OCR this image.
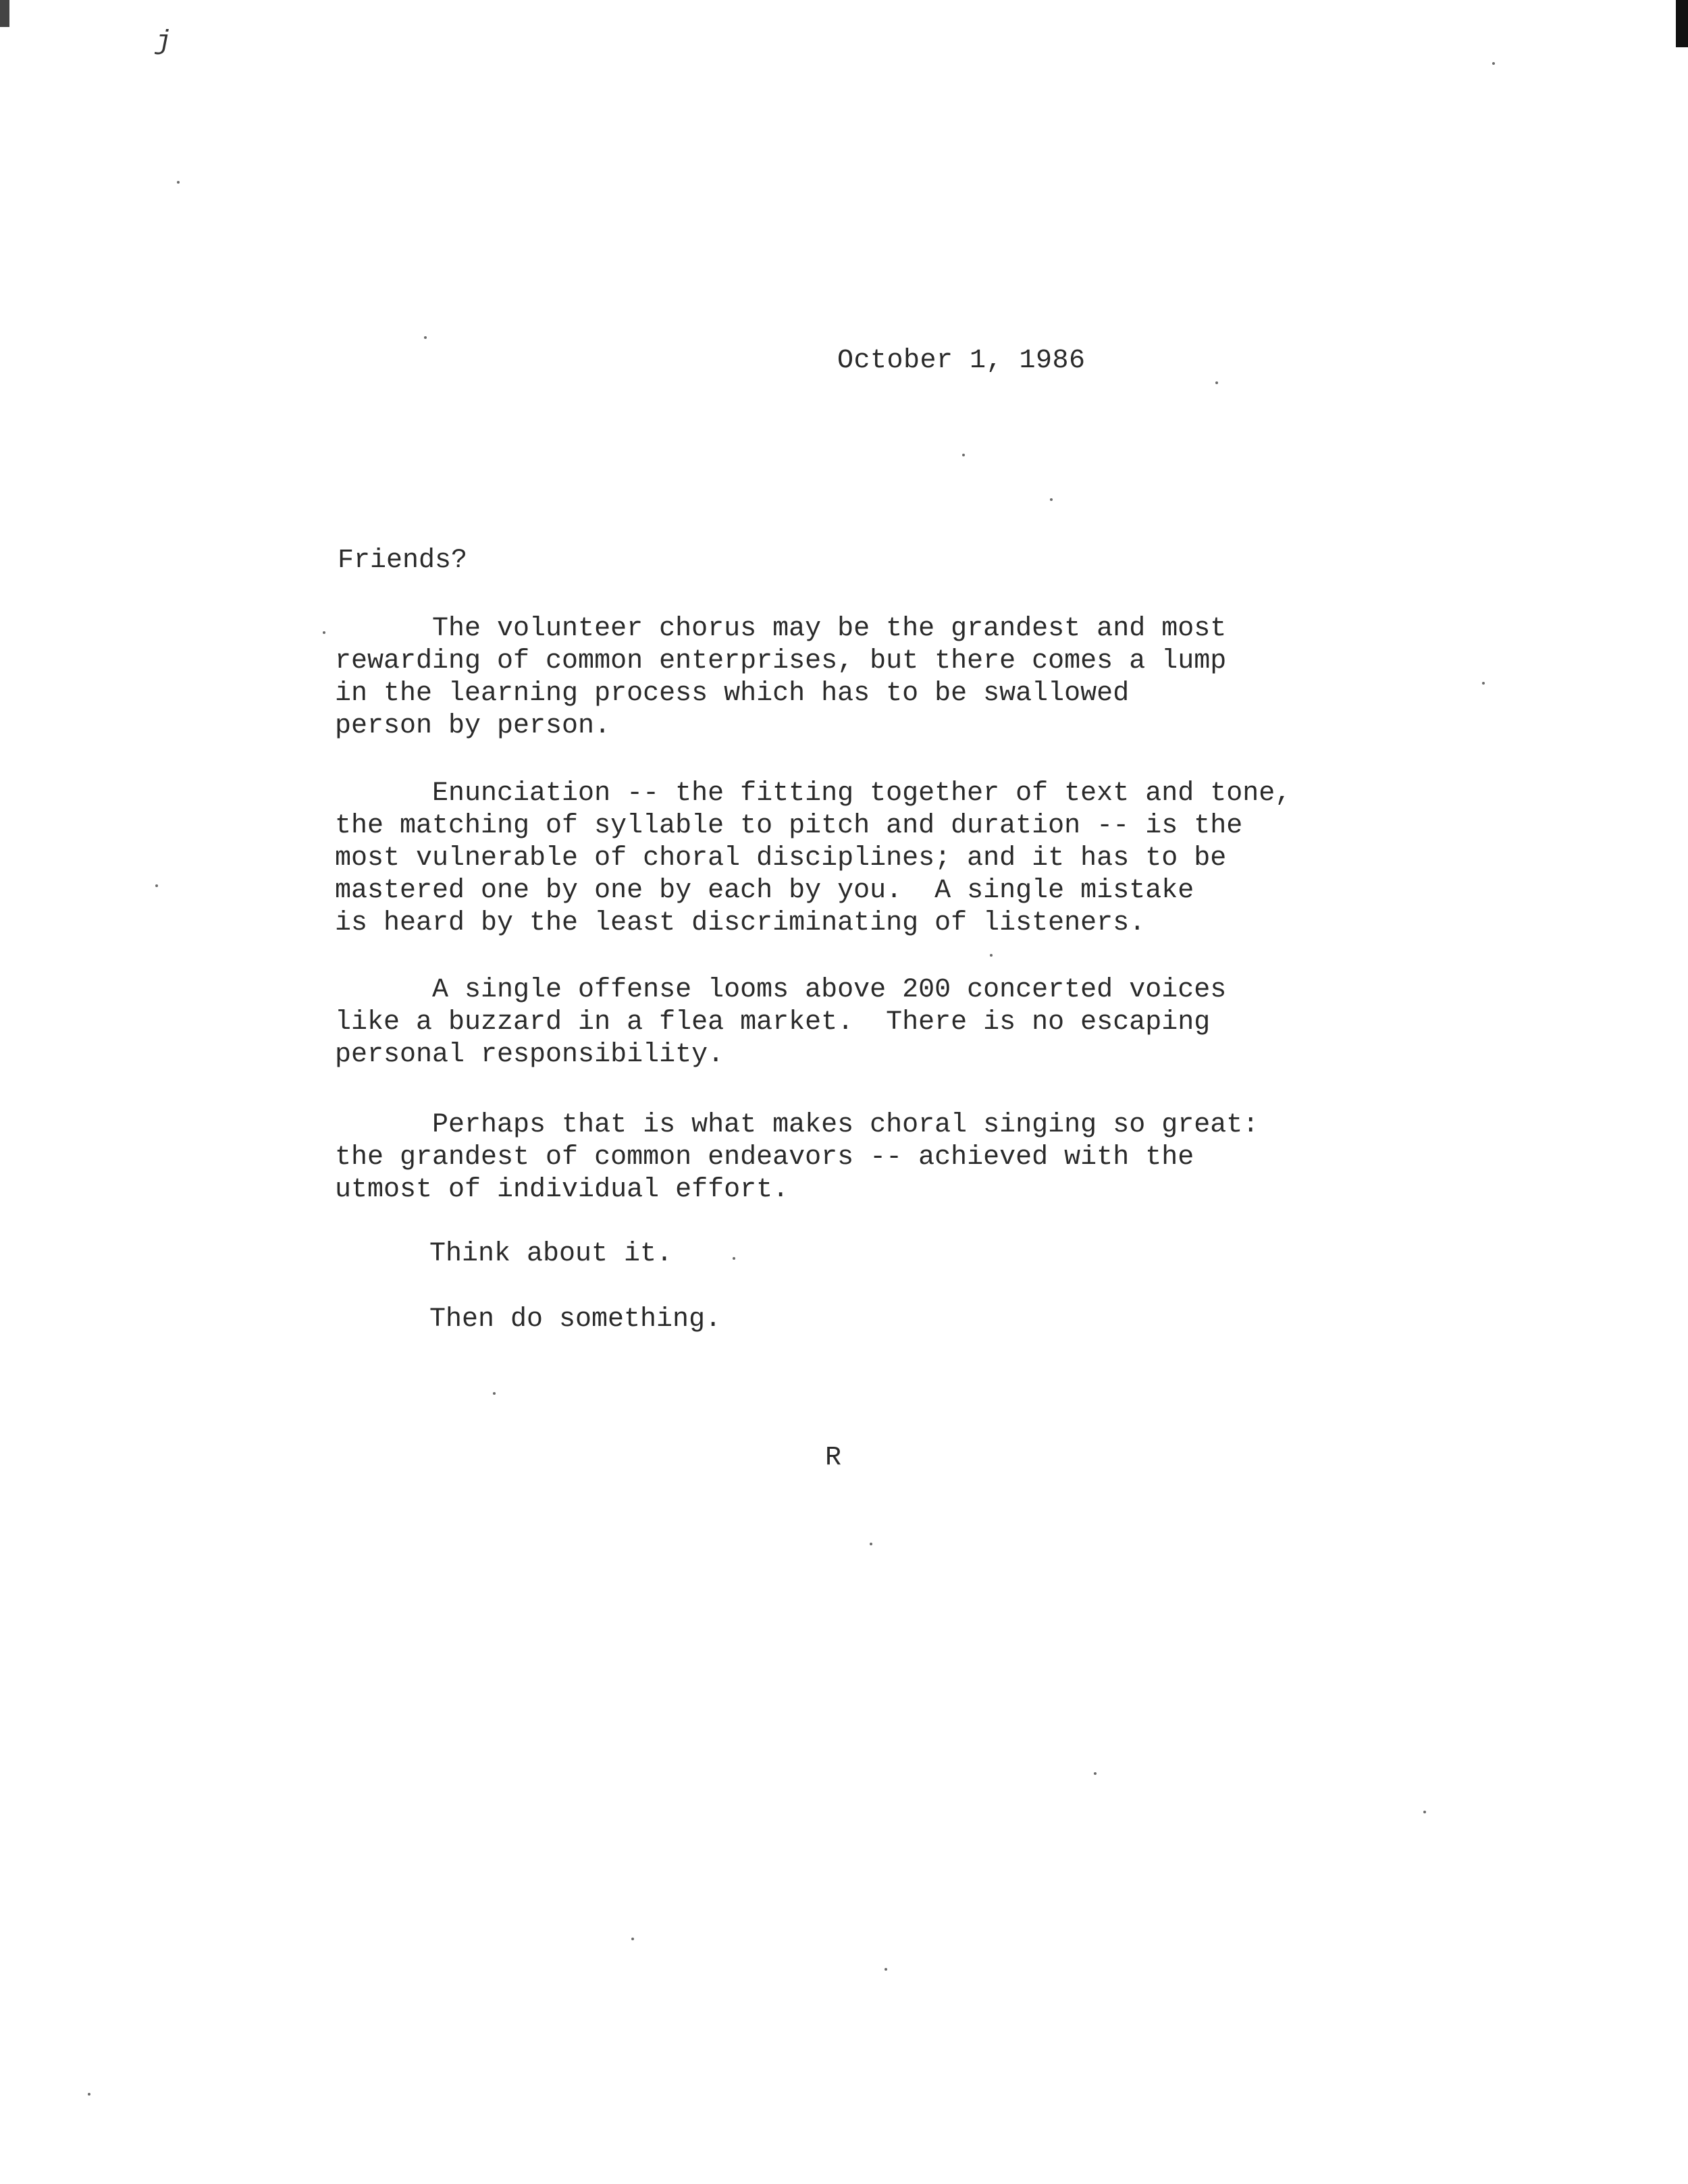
j
October 1, 1986
Friends?
The volunteer chorus may be the grandest and most
rewarding of common enterprises, but there comes a lump
in the learning process which has to be swallowed
person by person.
Enunciation -- the fitting together of text and tone,
the matching of syllable to pitch and duration -- is the
most vulnerable of choral disciplines; and it has to be
mastered one by one by each by you.  A single mistake
is heard by the least discriminating of listeners.
A single offense looms above 200 concerted voices
like a buzzard in a flea market.  There is no escaping
personal responsibility.
Perhaps that is what makes choral singing so great:
the grandest of common endeavors -- achieved with the
utmost of individual effort.
Think about it.
Then do something.
R
